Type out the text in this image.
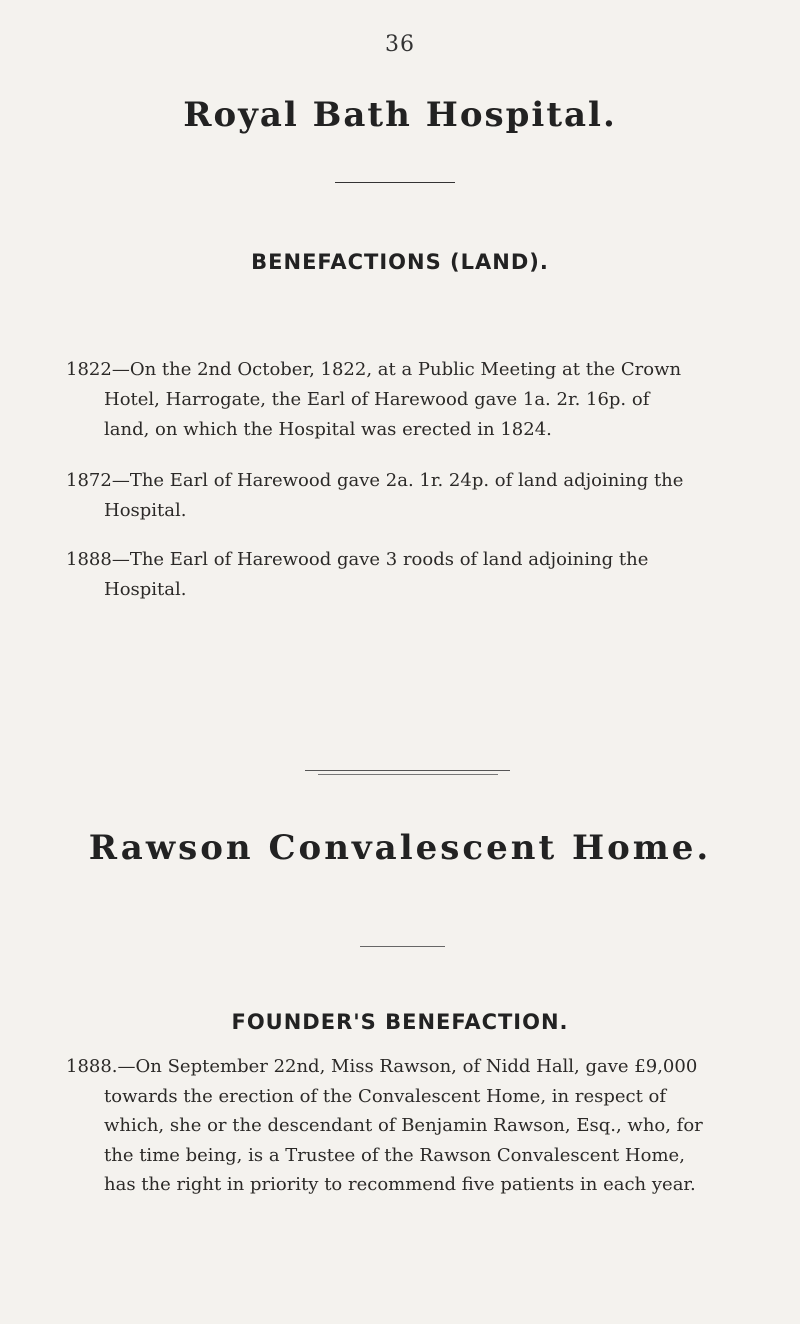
36
Royal Bath Hospital.
BENEFACTIONS (LAND).
1822—On the 2nd October, 1822, at a Public Meeting at the Crown Hotel, Harrogate, the Earl of Harewood gave 1a. 2r. 16p. of land, on which the Hospital was erected in 1824.
1872—The Earl of Harewood gave 2a. 1r. 24p. of land adjoining the Hospital.
1888—The Earl of Harewood gave 3 roods of land adjoining the Hospital.
Rawson Convalescent Home.
FOUNDER'S BENEFACTION.
1888.—On September 22nd, Miss Rawson, of Nidd Hall, gave £9,000 towards the erection of the Convalescent Home, in respect of which, she or the descendant of Benjamin Rawson, Esq., who, for the time being, is a Trustee of the Rawson Convalescent Home, has the right in priority to recommend five patients in each year.
